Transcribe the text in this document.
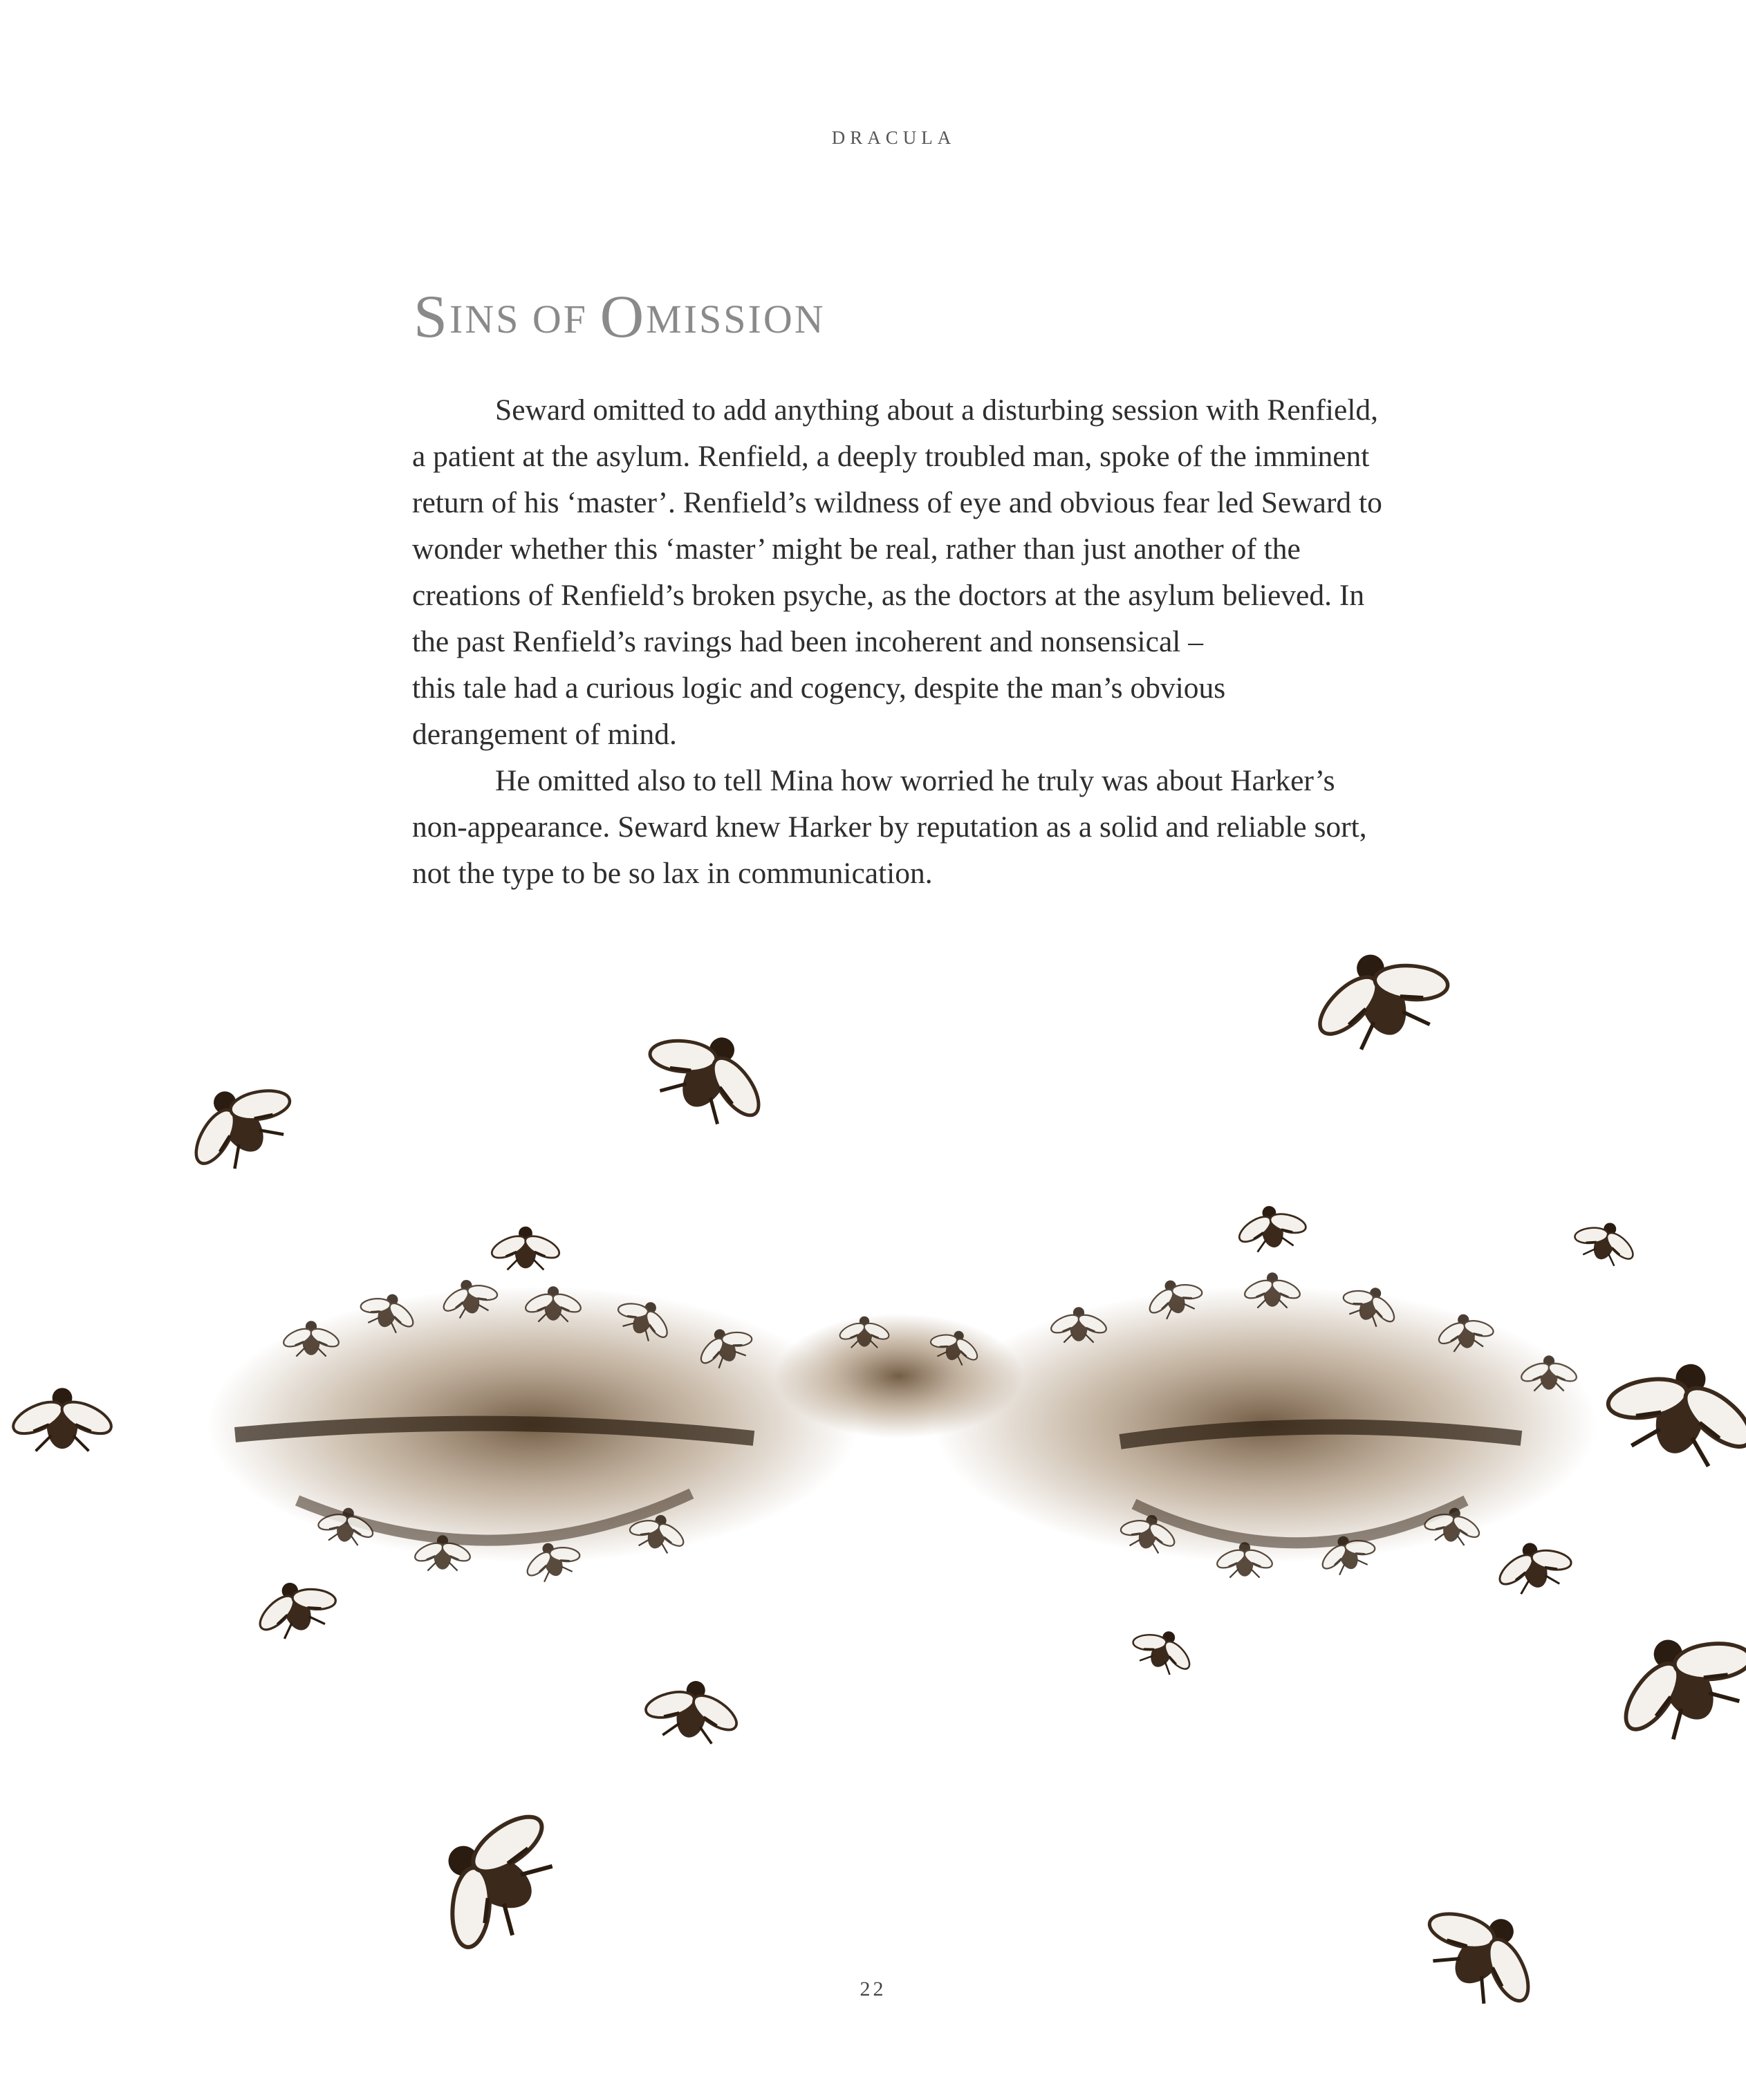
DRACULA
SINS OF OMISSION

Seward omitted to add anything about a disturbing session with Renfield, a patient at the asylum. Renfield, a deeply troubled man, spoke of the imminent return of his ‘master’. Renfield’s wildness of eye and obvious fear led Seward to wonder whether this ‘master’ might be real, rather than just another of the creations of Renfield’s broken psyche, as the doctors at the asylum believed. In the past Renfield’s ravings had been incoherent and nonsensical –

this tale had a curious logic and cogency, despite the man’s obvious derangement of mind.

He omitted also to tell Mina how worried he truly was about Harker’s non-appearance. Seward knew Harker by reputation as a solid and reliable sort, not the type to be so lax in communication.

22
